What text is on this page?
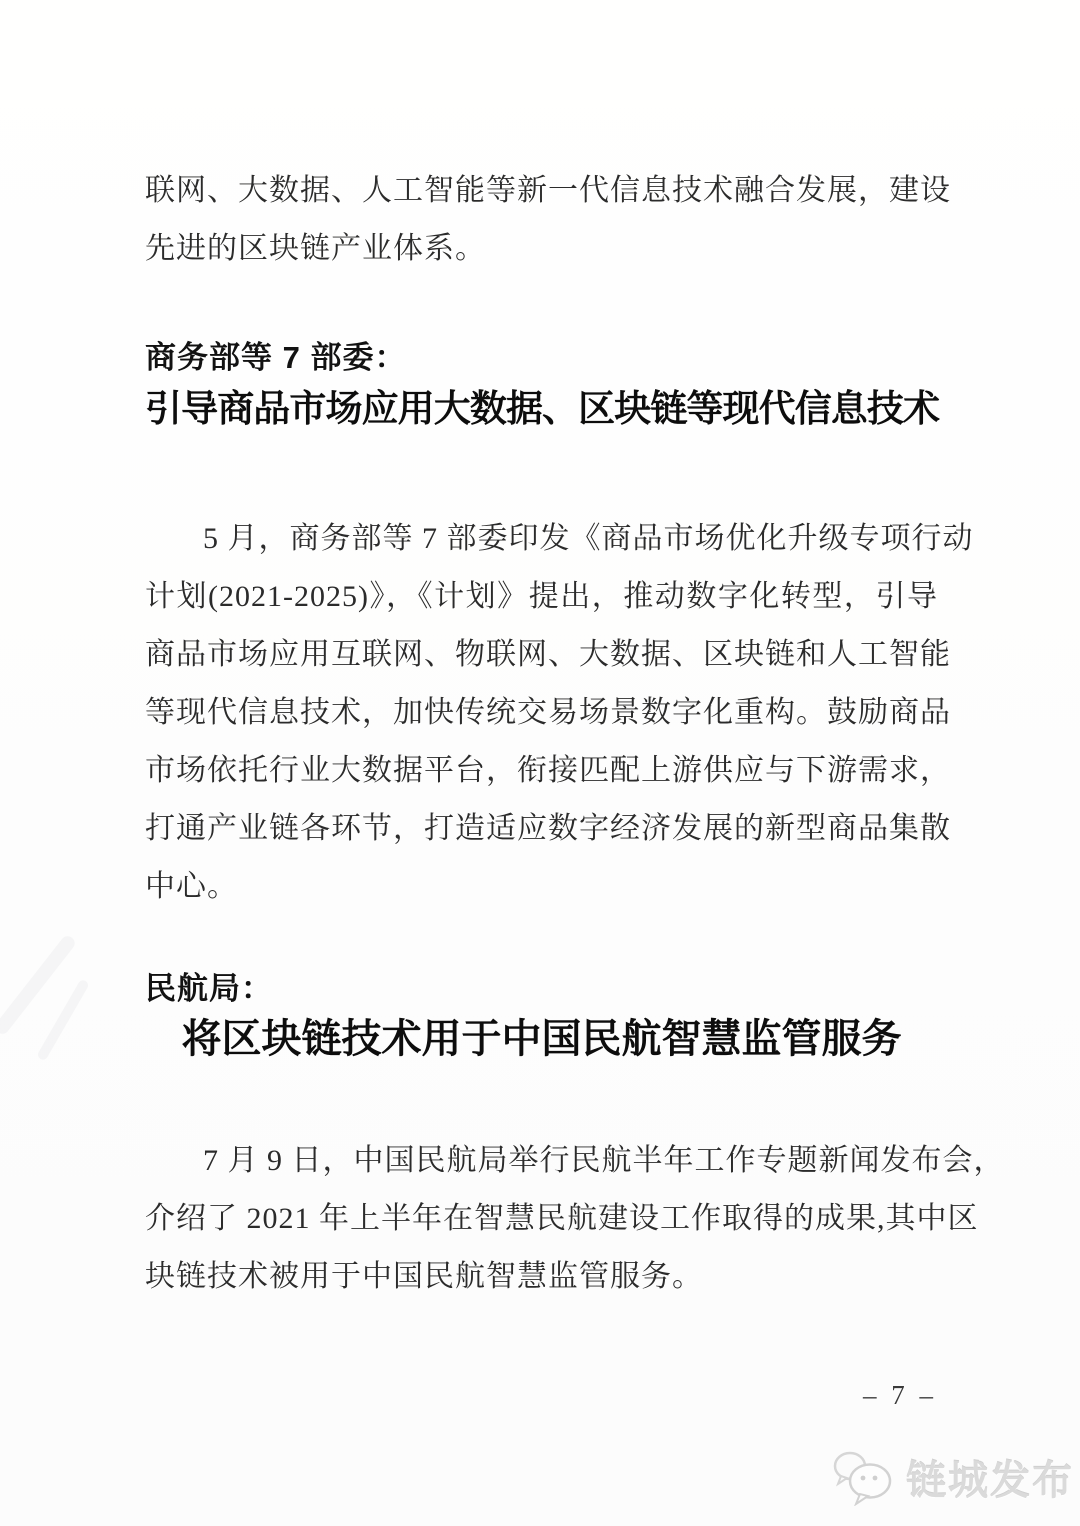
联网、大数据、人工智能等新一代信息技术融合发展，建设
先进的区块链产业体系。
商务部等 7 部委：
引导商品市场应用大数据、区块链等现代信息技术
5 月，商务部等 7 部委印发《商品市场优化升级专项行动
计划(2021-2025)》，《计划》提出，推动数字化转型，引导
商品市场应用互联网、物联网、大数据、区块链和人工智能
等现代信息技术，加快传统交易场景数字化重构。鼓励商品
市场依托行业大数据平台，衔接匹配上游供应与下游需求，
打通产业链各环节，打造适应数字经济发展的新型商品集散
中心。
民航局：
将区块链技术用于中国民航智慧监管服务
7 月 9 日，中国民航局举行民航半年工作专题新闻发布会，
介绍了 2021 年上半年在智慧民航建设工作取得的成果,其中区
块链技术被用于中国民航智慧监管服务。
– 7 –
链城发布
